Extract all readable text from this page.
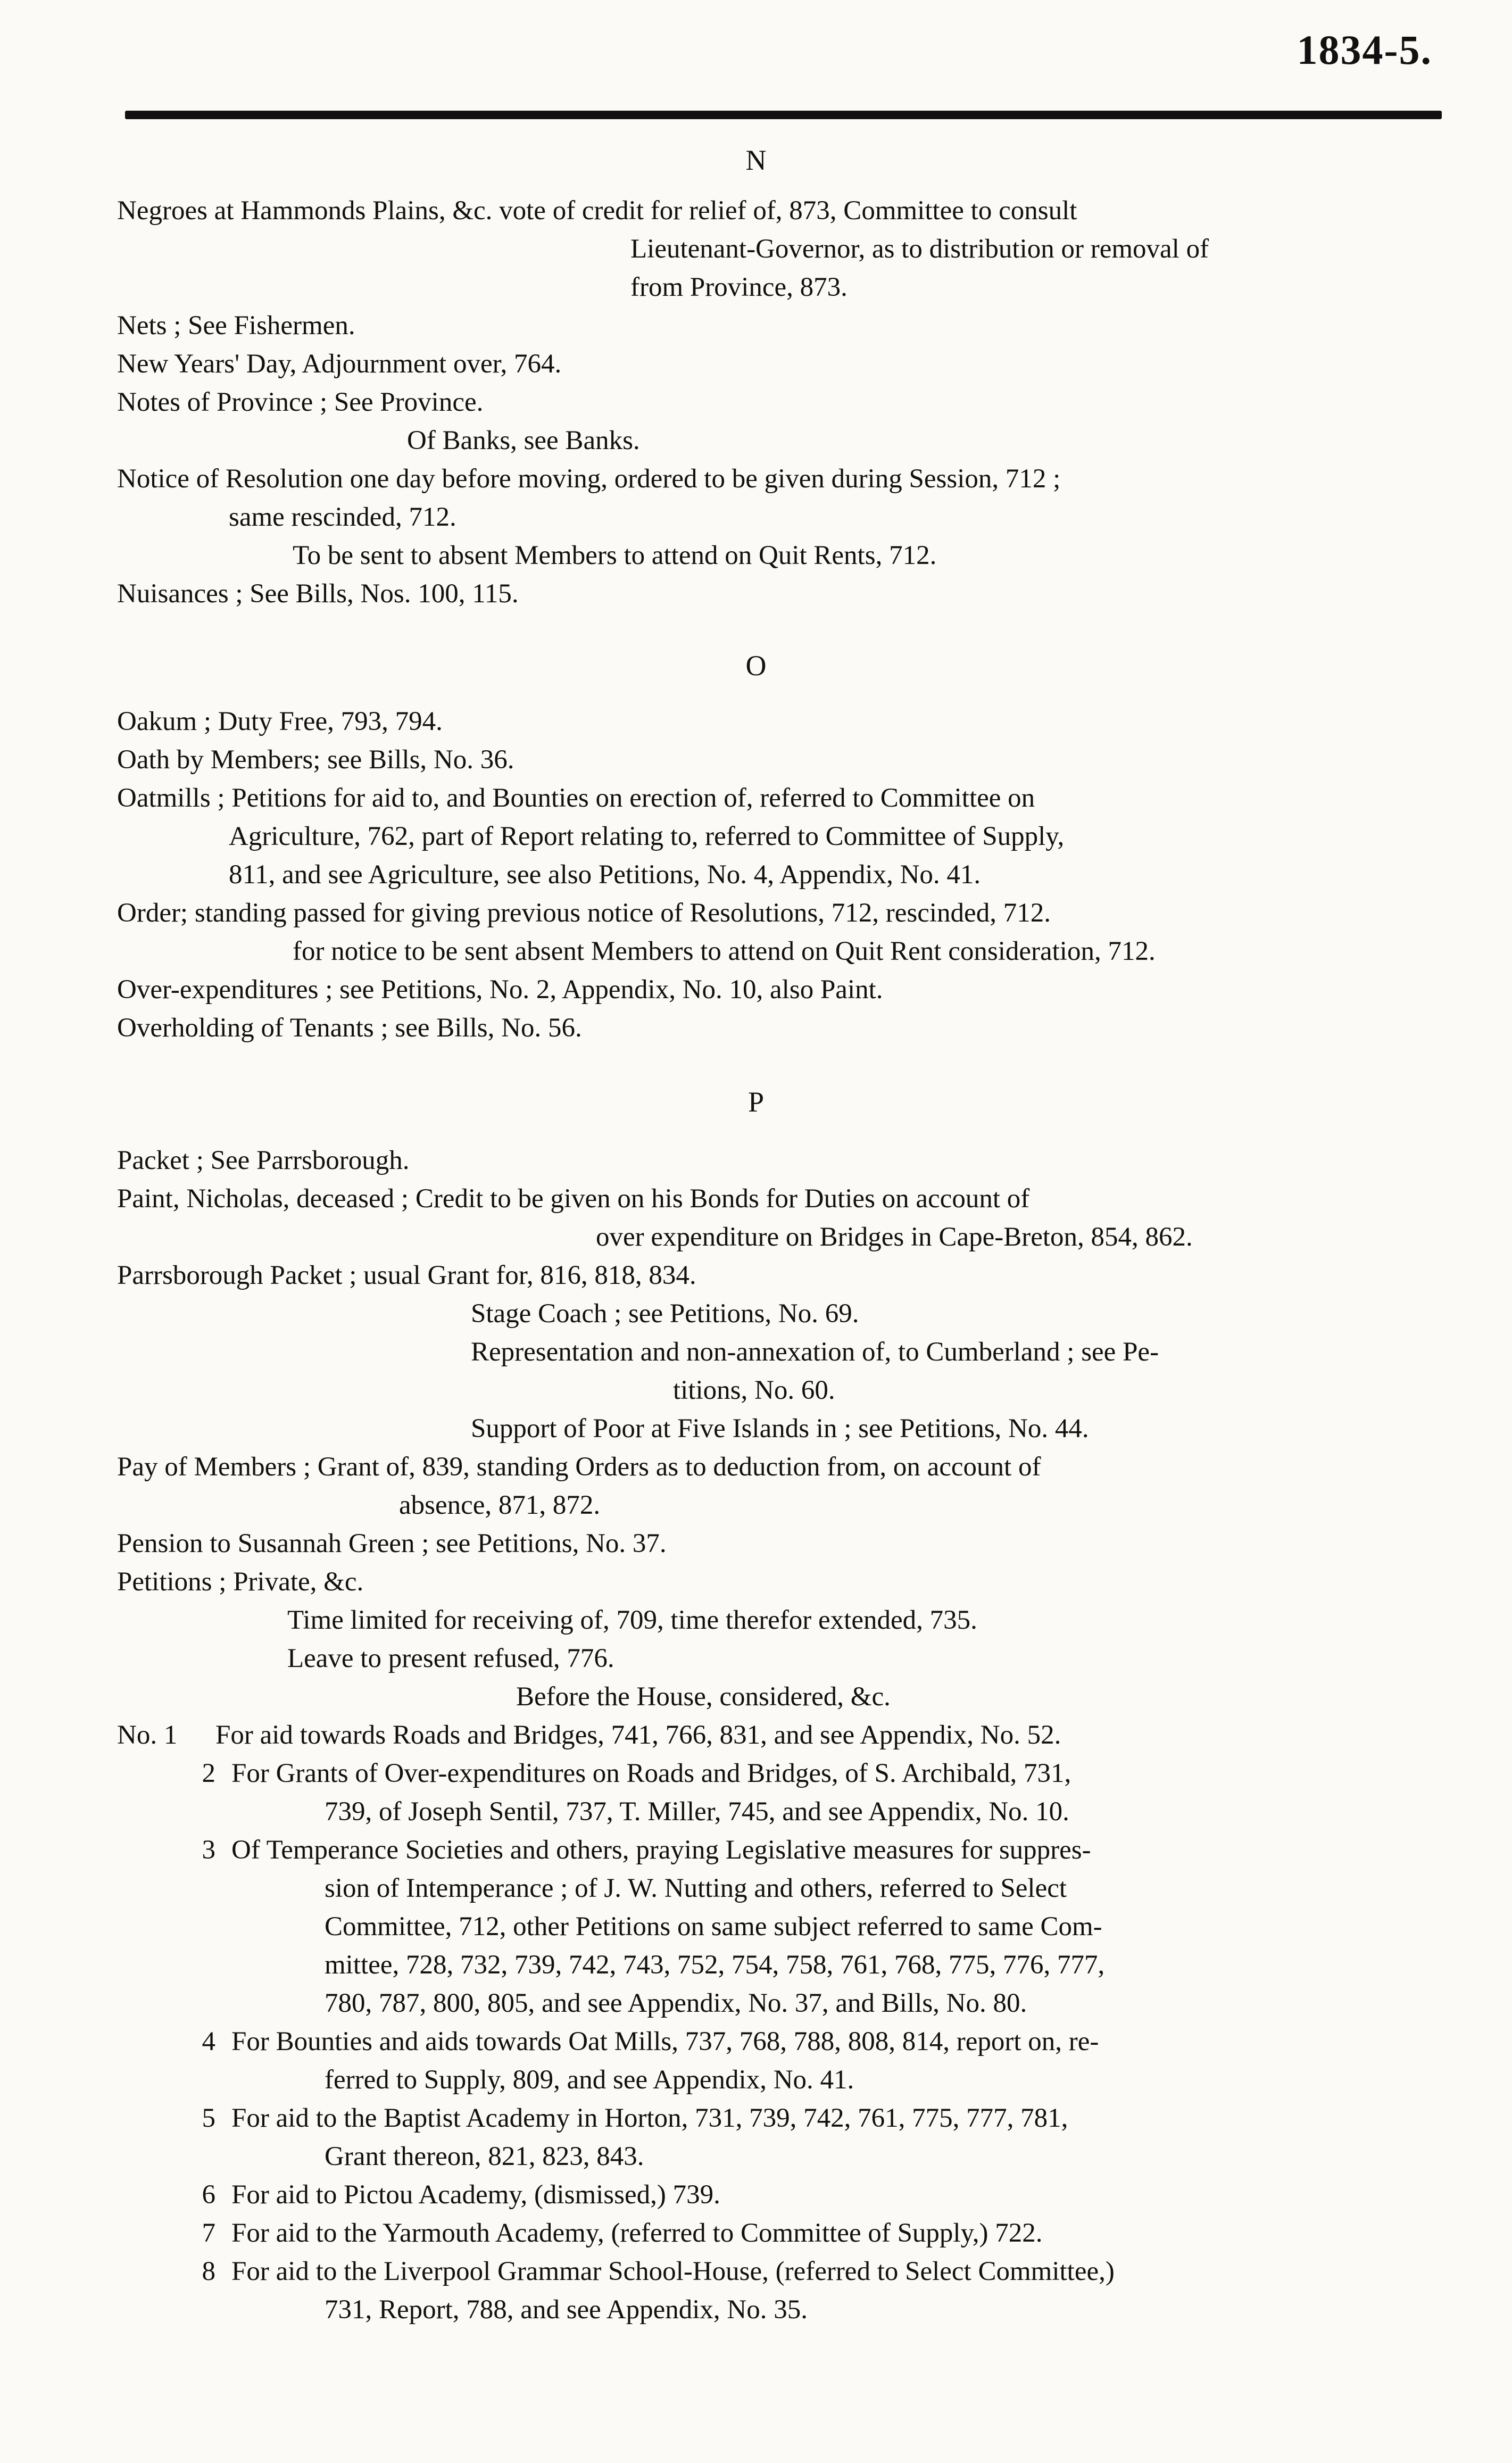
1834-5.
N
Negroes at Hammonds Plains, &c. vote of credit for relief of, 873, Committee to consult
Lieutenant-Governor, as to distribution or removal of
from Province, 873.
Nets ; See Fishermen.
New Years' Day, Adjournment over, 764.
Notes of Province ; See Province.
Of Banks, see Banks.
Notice of Resolution one day before moving, ordered to be given during Session, 712 ;
same rescinded, 712.
To be sent to absent Members to attend on Quit Rents, 712.
Nuisances ; See Bills, Nos. 100, 115.
O
Oakum ; Duty Free, 793, 794.
Oath by Members; see Bills, No. 36.
Oatmills ; Petitions for aid to, and Bounties on erection of, referred to Committee on
Agriculture, 762, part of Report relating to, referred to Committee of Supply,
811, and see Agriculture, see also Petitions, No. 4, Appendix, No. 41.
Order; standing passed for giving previous notice of Resolutions, 712, rescinded, 712.
for notice to be sent absent Members to attend on Quit Rent consideration, 712.
Over-expenditures ; see Petitions, No. 2, Appendix, No. 10, also Paint.
Overholding of Tenants ; see Bills, No. 56.
P
Packet ; See Parrsborough.
Paint, Nicholas, deceased ; Credit to be given on his Bonds for Duties on account of
over expenditure on Bridges in Cape-Breton, 854, 862.
Parrsborough Packet ; usual Grant for, 816, 818, 834.
Stage Coach ; see Petitions, No. 69.
Representation and non-annexation of, to Cumberland ; see Pe-
titions, No. 60.
Support of Poor at Five Islands in ; see Petitions, No. 44.
Pay of Members ; Grant of, 839, standing Orders as to deduction from, on account of
absence, 871, 872.
Pension to Susannah Green ; see Petitions, No. 37.
Petitions ; Private, &c.
Time limited for receiving of, 709, time therefor extended, 735.
Leave to present refused, 776.
Before the House, considered, &c.
No. 1 For aid towards Roads and Bridges, 741, 766, 831, and see Appendix, No. 52.
2 For Grants of Over-expenditures on Roads and Bridges, of S. Archibald, 731,
739, of Joseph Sentil, 737, T. Miller, 745, and see Appendix, No. 10.
3 Of Temperance Societies and others, praying Legislative measures for suppres-
sion of Intemperance ; of J. W. Nutting and others, referred to Select
Committee, 712, other Petitions on same subject referred to same Com-
mittee, 728, 732, 739, 742, 743, 752, 754, 758, 761, 768, 775, 776, 777,
780, 787, 800, 805, and see Appendix, No. 37, and Bills, No. 80.
4 For Bounties and aids towards Oat Mills, 737, 768, 788, 808, 814, report on, re-
ferred to Supply, 809, and see Appendix, No. 41.
5 For aid to the Baptist Academy in Horton, 731, 739, 742, 761, 775, 777, 781,
Grant thereon, 821, 823, 843.
6 For aid to Pictou Academy, (dismissed,) 739.
7 For aid to the Yarmouth Academy, (referred to Committee of Supply,) 722.
8 For aid to the Liverpool Grammar School-House, (referred to Select Committee,)
731, Report, 788, and see Appendix, No. 35.
